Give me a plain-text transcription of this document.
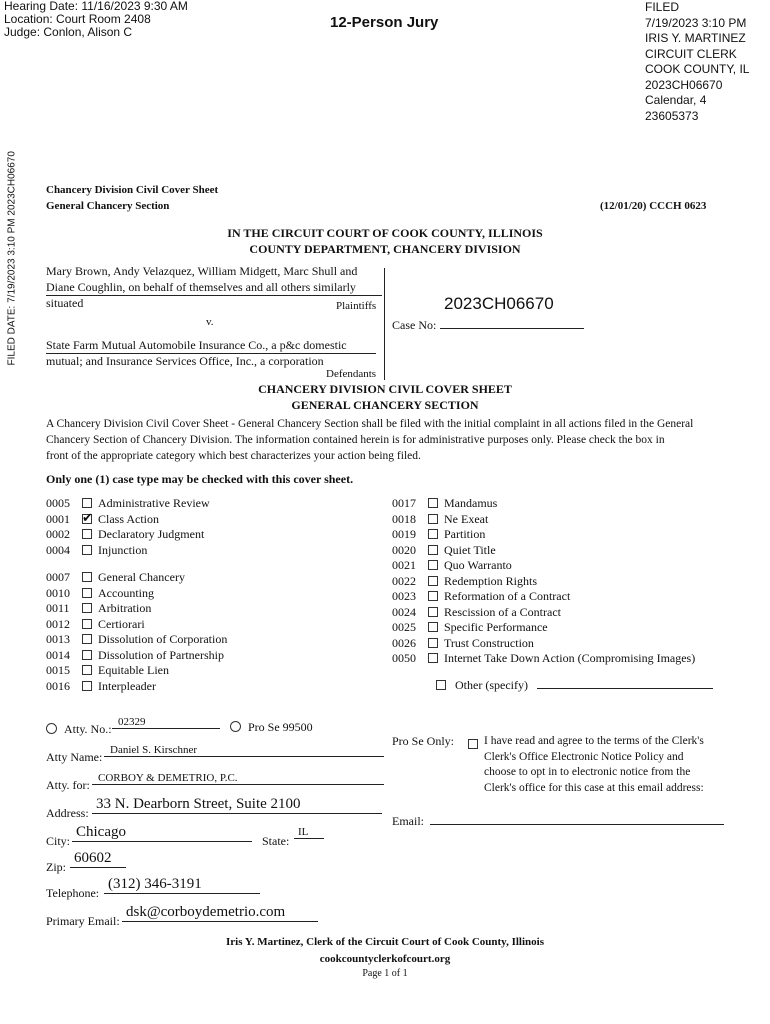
Hearing Date: 11/16/2023 9:30 AM
Location: Court Room 2408
Judge: Conlon, Alison C
12-Person Jury
FILED
7/19/2023 3:10 PM
IRIS Y. MARTINEZ
CIRCUIT CLERK
COOK COUNTY, IL
2023CH06670
Calendar, 4
23605373
FILED DATE: 7/19/2023 3:10 PM 2023CH06670	Chancery Division Civil Cover Sheet
General Chancery Section	(12/01/20) CCCH 0623
IN THE CIRCUIT COURT OF COOK COUNTY, ILLINOIS
COUNTY DEPARTMENT, CHANCERY DIVISION
Mary Brown, Andy Velazquez, William Midgett, Marc Shull and
Diane Coughlin, on behalf of themselves and all others similarly
situated	Plaintiffs
v.
State Farm Mutual Automobile Insurance Co., a p&c domestic
mutual; and Insurance Services Office, Inc., a corporation
Defendants
2023CH06670
Case No:
CHANCERY DIVISION CIVIL COVER SHEET
GENERAL CHANCERY SECTION
A Chancery Division Civil Cover Sheet - General Chancery Section shall be filed with the initial complaint in all actions filed in the General
Chancery Section of Chancery Division. The information contained herein is for administrative purposes only. Please check the box in
front of the appropriate category which best characterizes your action being filed.
Only one (1) case type may be checked with this cover sheet.
0005 Administrative Review
0001✔ Class Action
0002 Declaratory Judgment
0004 Injunction
0007 General Chancery
0010 Accounting
0011 Arbitration
0012 Certiorari
0013 Dissolution of Corporation
0014 Dissolution of Partnership
0015 Equitable Lien
0016 Interpleader
0017 Mandamus
0018 Ne Exeat
0019 Partition
0020 Quiet Title
0021 Quo Warranto
0022 Redemption Rights
0023 Reformation of a Contract
0024 Rescission of a Contract
0025 Specific Performance
0026 Trust Construction
0050 Internet Take Down Action (Compromising Images)
Other (specify)
Atty. No.: 02329	Pro Se 99500
Atty Name: Daniel S. Kirschner
Atty. for: CORBOY & DEMETRIO, P.C.
Address:
33 N. Dearborn Street, Suite 2100
City:
Chicago
State:
IL
Zip:
60602
Telephone:
(312) 346-3191
Primary Email:
dsk@corboydemetrio.com
Pro Se Only:	I have read and agree to the terms of the Clerk's
Clerk's Office Electronic Notice Policy and
choose to opt in to electronic notice from the
Clerk's office for this case at this email address:
Email:
Iris Y. Martinez, Clerk of the Circuit Court of Cook County, Illinois
cookcountyclerkofcourt.org
Page 1 of 1
